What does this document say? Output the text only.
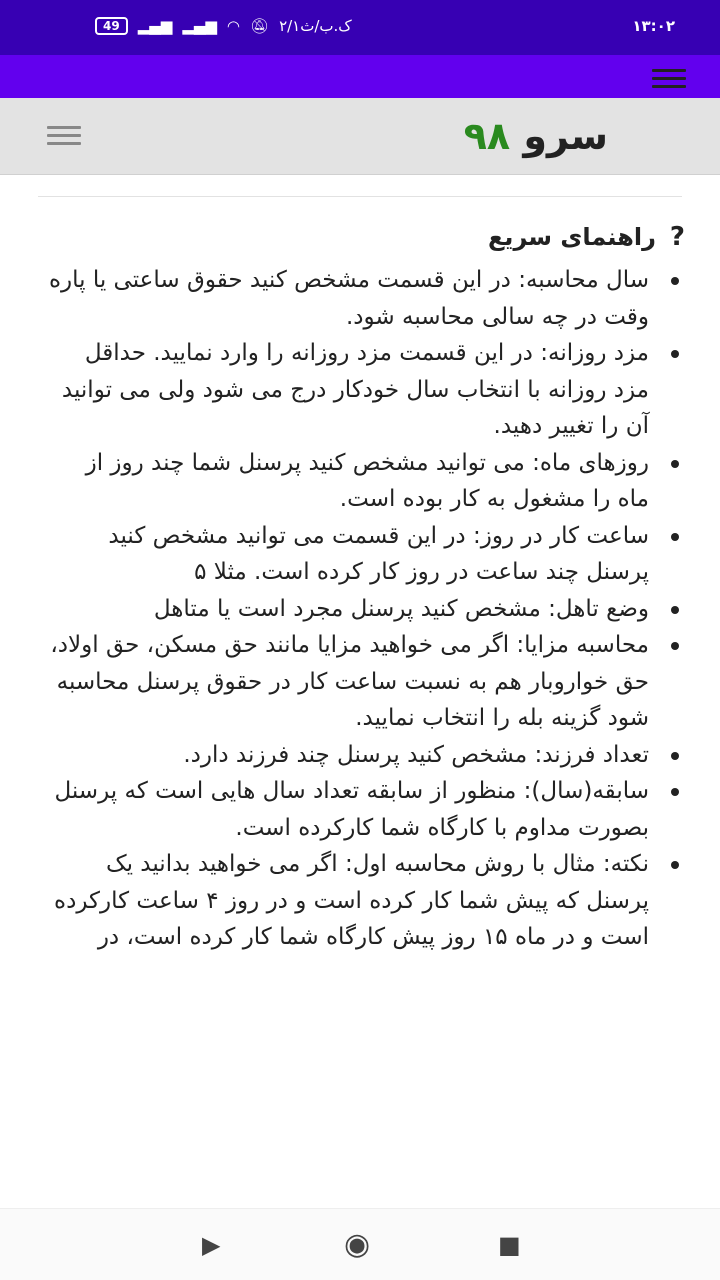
49	▂▄▆ ▂▄▆ ◠ 🔕︎ ۲/۱ک.ب/ث	۱۳:۰۲
سرو ۹۸
?
راهنمای سریع
سال محاسبه: در این قسمت مشخص کنید حقوق ساعتی یا پاره وقت در چه سالی محاسبه شود.
مزد روزانه: در این قسمت مزد روزانه را وارد نمایید. حداقل مزد روزانه با انتخاب سال خودکار درج می شود ولی می توانید آن را تغییر دهید.
روزهای ماه: می توانید مشخص کنید پرسنل شما چند روز از ماه را مشغول به کار بوده است.
ساعت کار در روز: در این قسمت می توانید مشخص کنید پرسنل چند ساعت در روز کار کرده است. مثلا ۵
وضع تاهل: مشخص کنید پرسنل مجرد است یا متاهل
محاسبه مزایا: اگر می خواهید مزایا مانند حق مسکن، حق اولاد، حق خواروبار هم به نسبت ساعت کار در حقوق پرسنل محاسبه شود گزینه بله را انتخاب نمایید.
تعداد فرزند: مشخص کنید پرسنل چند فرزند دارد.
سابقه(سال): منظور از سابقه تعداد سال هایی است که پرسنل بصورت مداوم با کارگاه شما کارکرده است.
نکته: مثال با روش محاسبه اول: اگر می خواهید بدانید یک پرسنل که پیش شما کار کرده است و در روز ۴ ساعت کارکرده است و در ماه ۱۵ روز پیش کارگاه شما کار کرده است، در
▶	◉	■
